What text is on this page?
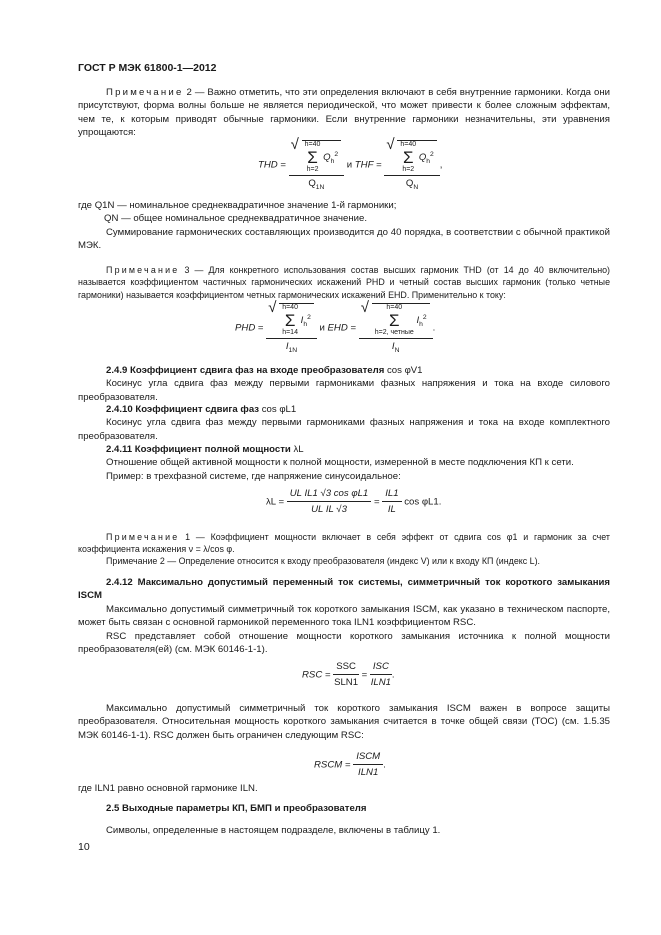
ГОСТ Р МЭК 61800-1—2012
Примечание 2 — Важно отметить, что эти определения включают в себя внутренние гармоники. Когда они присутствуют, форма волны больше не является периодической, что может привести к более сложным эффектам, чем те, к которым приводят обычные гармоники. Если внутренние гармоники незначительны, эти уравнения упрощаются:
THD = √ h=40
Σ
h=2 $Q_h^2$
$Q_{1N}$ и THF = √ h=40
Σ
h=2 $Q_h^2$
$Q_N$ ,
где Q1N — номинальное среднеквадратичное значение 1-й гармоники;
QN — общее номинальное среднеквадратичное значение.
Суммирование гармонических составляющих производится до 40 порядка, в соответствии с обычной практикой МЭК.
Примечание 3 — Для конкретного использования состав высших гармоник THD (от 14 до 40 включительно) называется коэффициентом частичных гармонических искажений PHD и четный состав высших гармоник (только четные гармоники) называется коэффициентом четных гармонических искажений EHD. Применительно к току:
PHD = √ h=40
Σ
h=14 $I_h^2$
$I_{1N}$ и EHD = √ h=40
Σ
h=2, четные $I_h^2$
$I_N$ .
2.4.9 Коэффициент сдвига фаз на входе преобразователя cos φV1
Косинус угла сдвига фаз между первыми гармониками фазных напряжения и тока на входе силового преобразователя.
2.4.10 Коэффициент сдвига фаз cos φL1
Косинус угла сдвига фаз между первыми гармониками фазных напряжения и тока на входе комплектного преобразователя.
2.4.11 Коэффициент полной мощности λL
Отношение общей активной мощности к полной мощности, измеренной в месте подключения КП к сети.
Пример: в трехфазной системе, где напряжение синусоидальное:
$\lambda L = \frac{\text{UL IL1 √3 cos φL1}}{\text{UL IL √3}} = \frac{IL1}{IL}$ cos φL1.
Примечание 1 — Коэффициент мощности включает в себя эффект от сдвига cos φ1 и гармоник за счет коэффициента искажения ν = λ/cos φ.
Примечание 2 — Определение относится к входу преобразователя (индекс V) или к входу КП (индекс L).
2.4.12 Максимально допустимый переменный ток системы, симметричный ток короткого замыкания ISCM
Максимально допустимый симметричный ток короткого замыкания ISCM, как указано в техническом паспорте, может быть связан с основной гармоникой переменного тока ILN1 коэффициентом RSC.
RSC представляет собой отношение мощности короткого замыкания источника к полной мощности преобразователя(ей) (см. МЭК 60146-1-1).
RSC = $\frac{\text{SSC}}{\text{SLN1}} = \frac{\text{ISC}}{\text{ILN1}}$ .
Максимально допустимый симметричный ток короткого замыкания ISCM важен в вопросе защиты преобразователя. Относительная мощность короткого замыкания считается в точке общей связи (ТОС) (см. 1.5.35 МЭК 60146-1-1). RSC должен быть ограничен следующим RSC:
RSCM = $\frac{\text{ISCM}}{\text{ILN1}}$ .
где ILN1 равно основной гармонике ILN.
2.5 Выходные параметры КП, БМП и преобразователя
Символы, определенные в настоящем подразделе, включены в таблицу 1.
10
